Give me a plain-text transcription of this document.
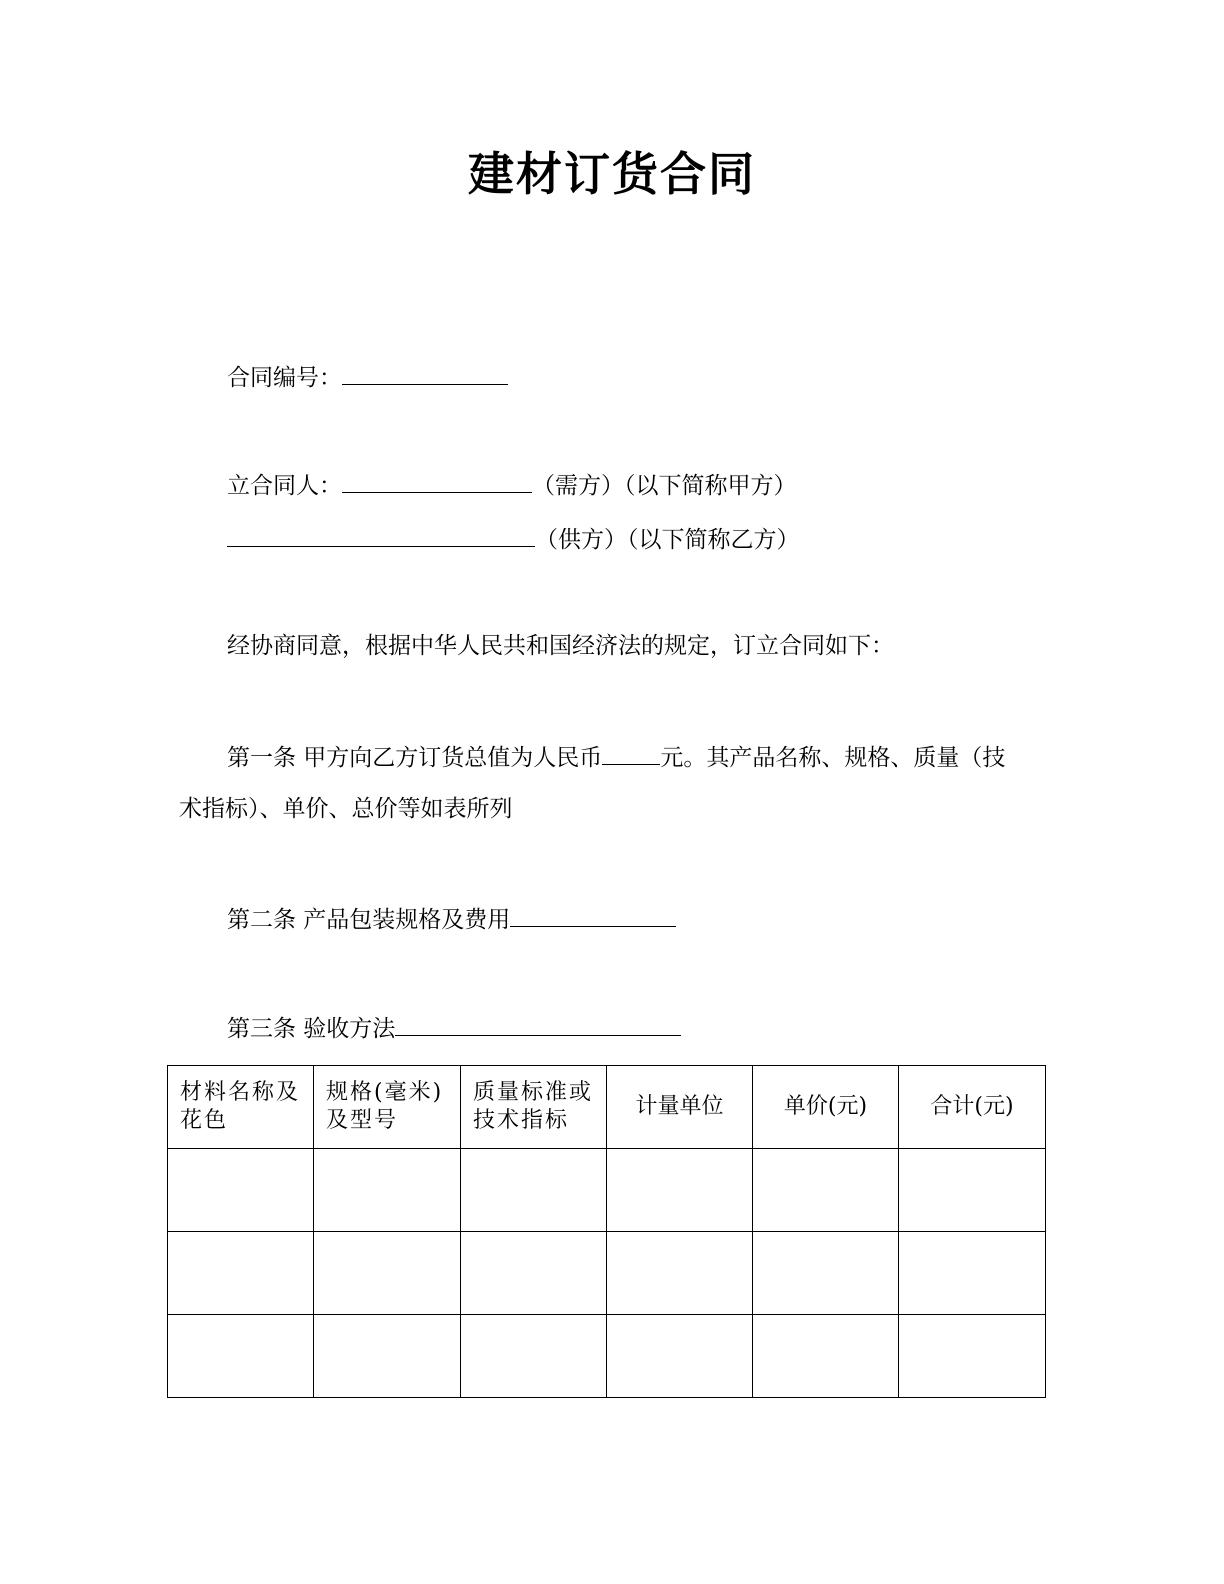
建材订货合同
合同编号：
立合同人：	（需方）（以下简称甲方）
（供方）（以下简称乙方）
经协商同意，根据中华人民共和国经济法的规定，订立合同如下：
第一条 甲方向乙方订货总值为人民币	元。其产品名称、规格、质量（技
术指标）、单价、总价等如表所列
第二条 产品包装规格及费用
第三条 验收方法
材料名称及花色	规格(毫米)及型号	质量标准或技术指标	计量单位	单价(元)	合计(元)
